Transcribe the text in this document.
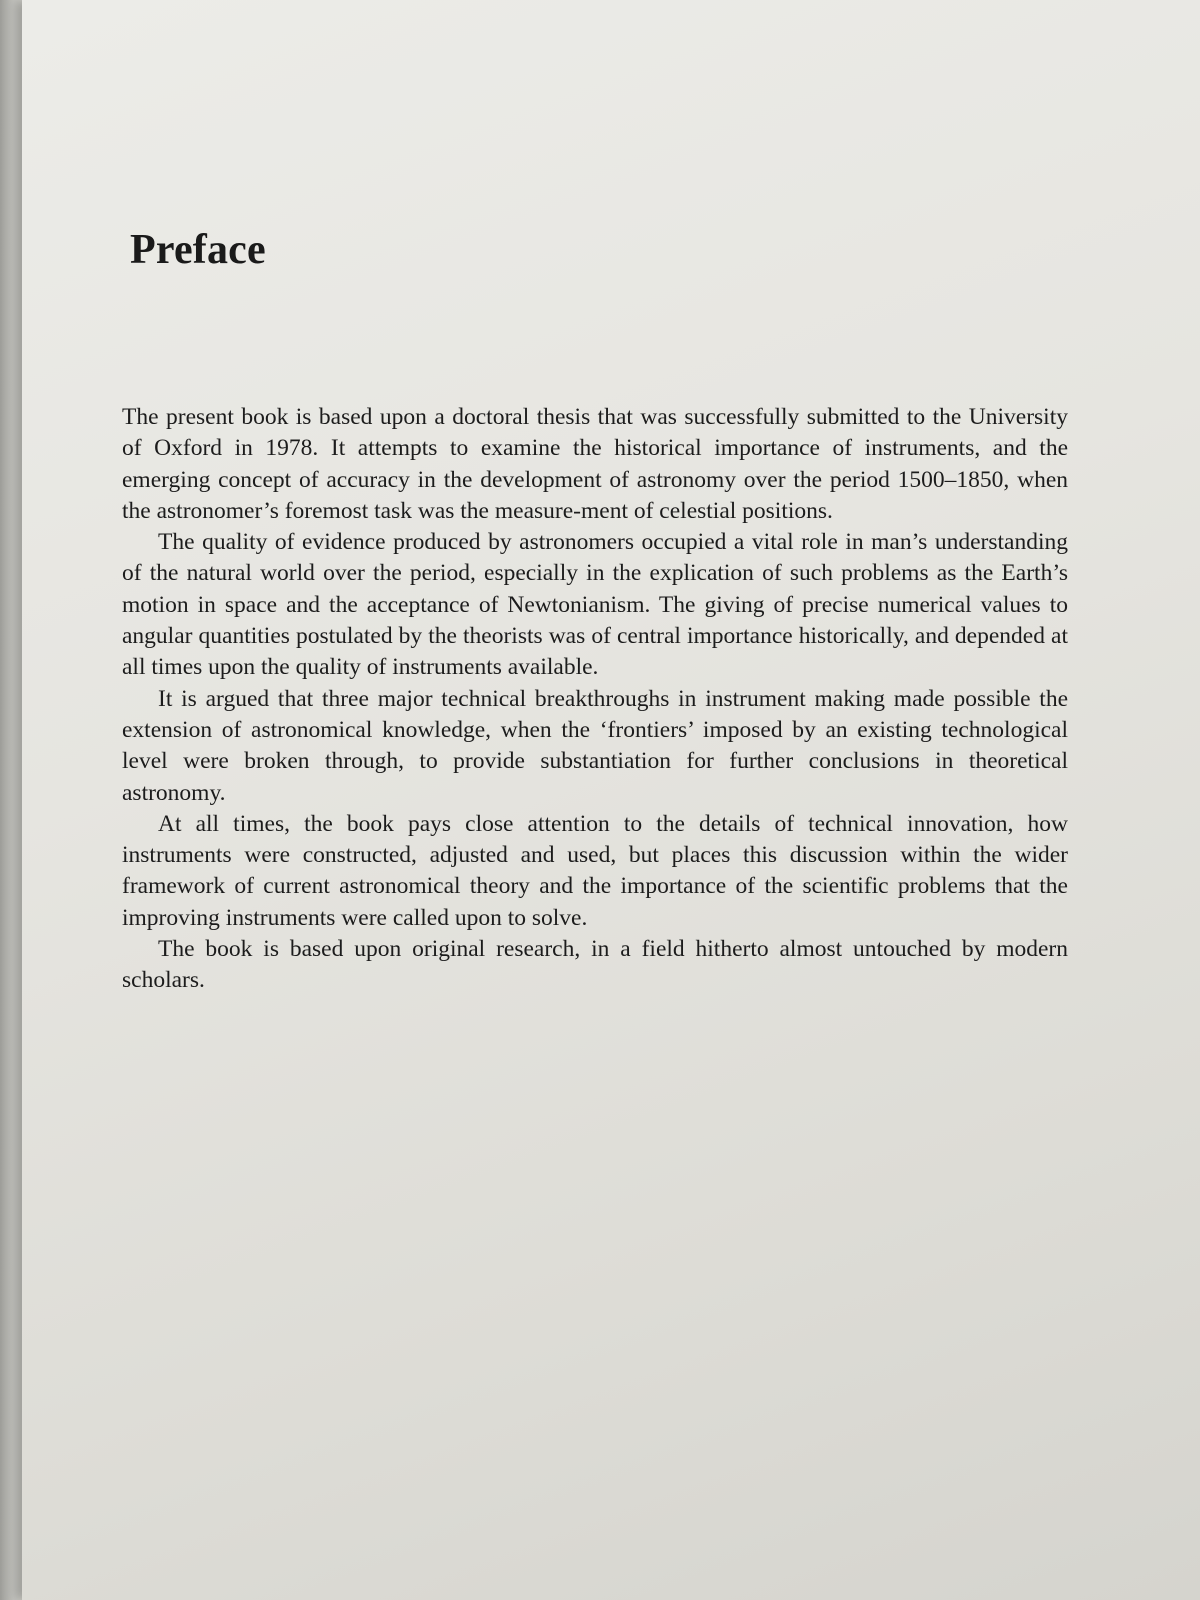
Preface

The present book is based upon a doctoral thesis that was successfully submitted to the University of Oxford in 1978. It attempts to examine the historical importance of instruments, and the emerging concept of accuracy in the development of astronomy over the period 1500–1850, when the astronomer’s foremost task was the measure-ment of celestial positions.

The quality of evidence produced by astronomers occupied a vital role in man’s understanding of the natural world over the period, especially in the explication of such problems as the Earth’s motion in space and the acceptance of Newtonianism. The giving of precise numerical values to angular quantities postulated by the theorists was of central importance historically, and depended at all times upon the quality of instruments available.

It is argued that three major technical breakthroughs in instrument making made possible the extension of astronomical knowledge, when the ‘frontiers’ imposed by an existing technological level were broken through, to provide substantiation for further conclusions in theoretical astronomy.

At all times, the book pays close attention to the details of technical innovation, how instruments were constructed, adjusted and used, but places this discussion within the wider framework of current astronomical theory and the importance of the scientific problems that the improving instruments were called upon to solve.

The book is based upon original research, in a field hitherto almost untouched by modern scholars.
